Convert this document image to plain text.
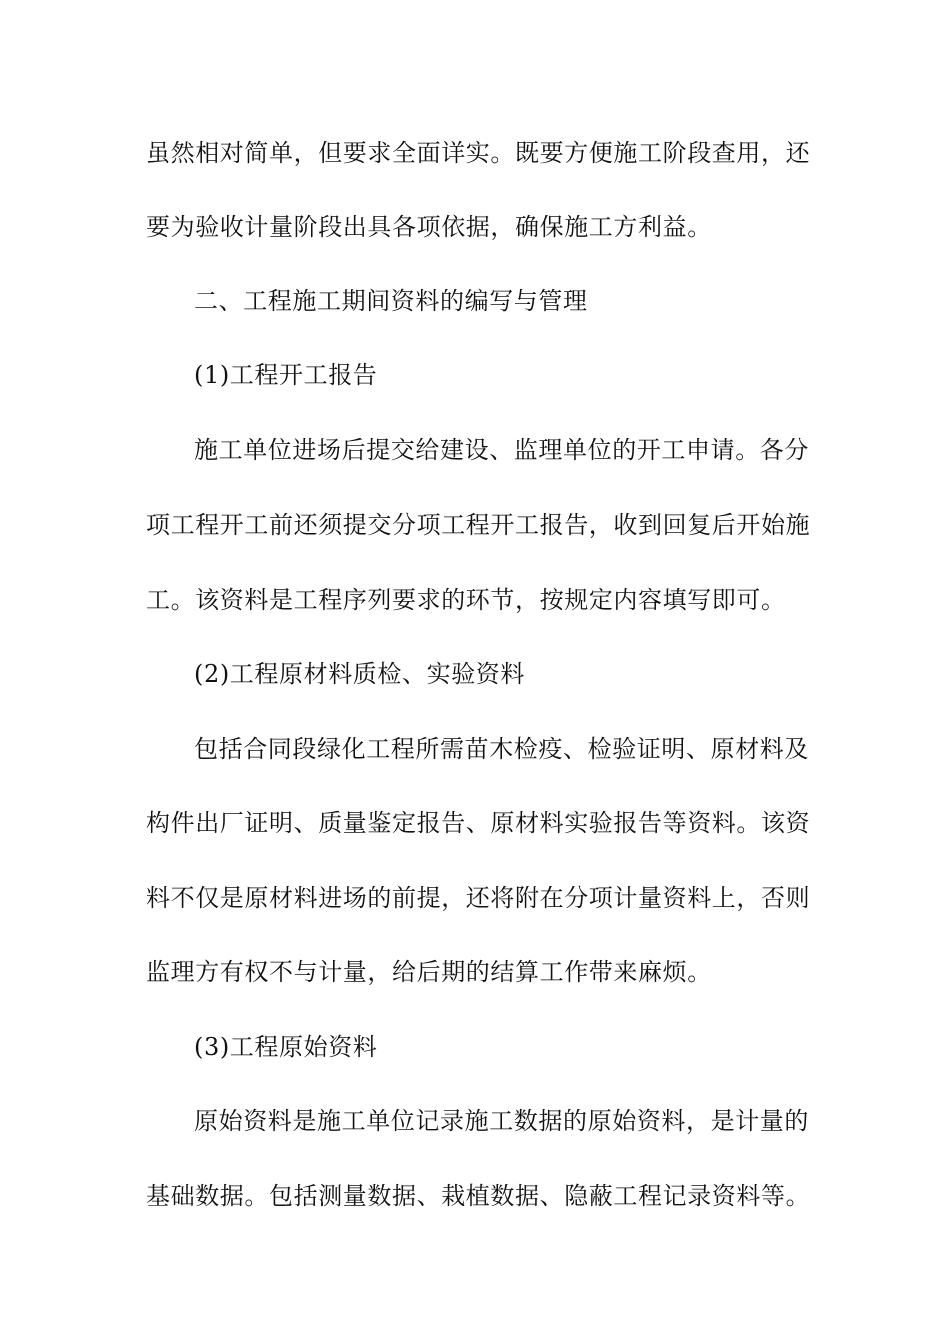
虽然相对简单，但要求全面详实。既要方便施工阶段查用，还
要为验收计量阶段出具各项依据，确保施工方利益。
二、工程施工期间资料的编写与管理
(1)工程开工报告
施工单位进场后提交给建设、监理单位的开工申请。各分
项工程开工前还须提交分项工程开工报告，收到回复后开始施
工。该资料是工程序列要求的环节，按规定内容填写即可。
(2)工程原材料质检、实验资料
包括合同段绿化工程所需苗木检疫、检验证明、原材料及
构件出厂证明、质量鉴定报告、原材料实验报告等资料。该资
料不仅是原材料进场的前提，还将附在分项计量资料上，否则
监理方有权不与计量，给后期的结算工作带来麻烦。
(3)工程原始资料
原始资料是施工单位记录施工数据的原始资料，是计量的
基础数据。包括测量数据、栽植数据、隐蔽工程记录资料等。
